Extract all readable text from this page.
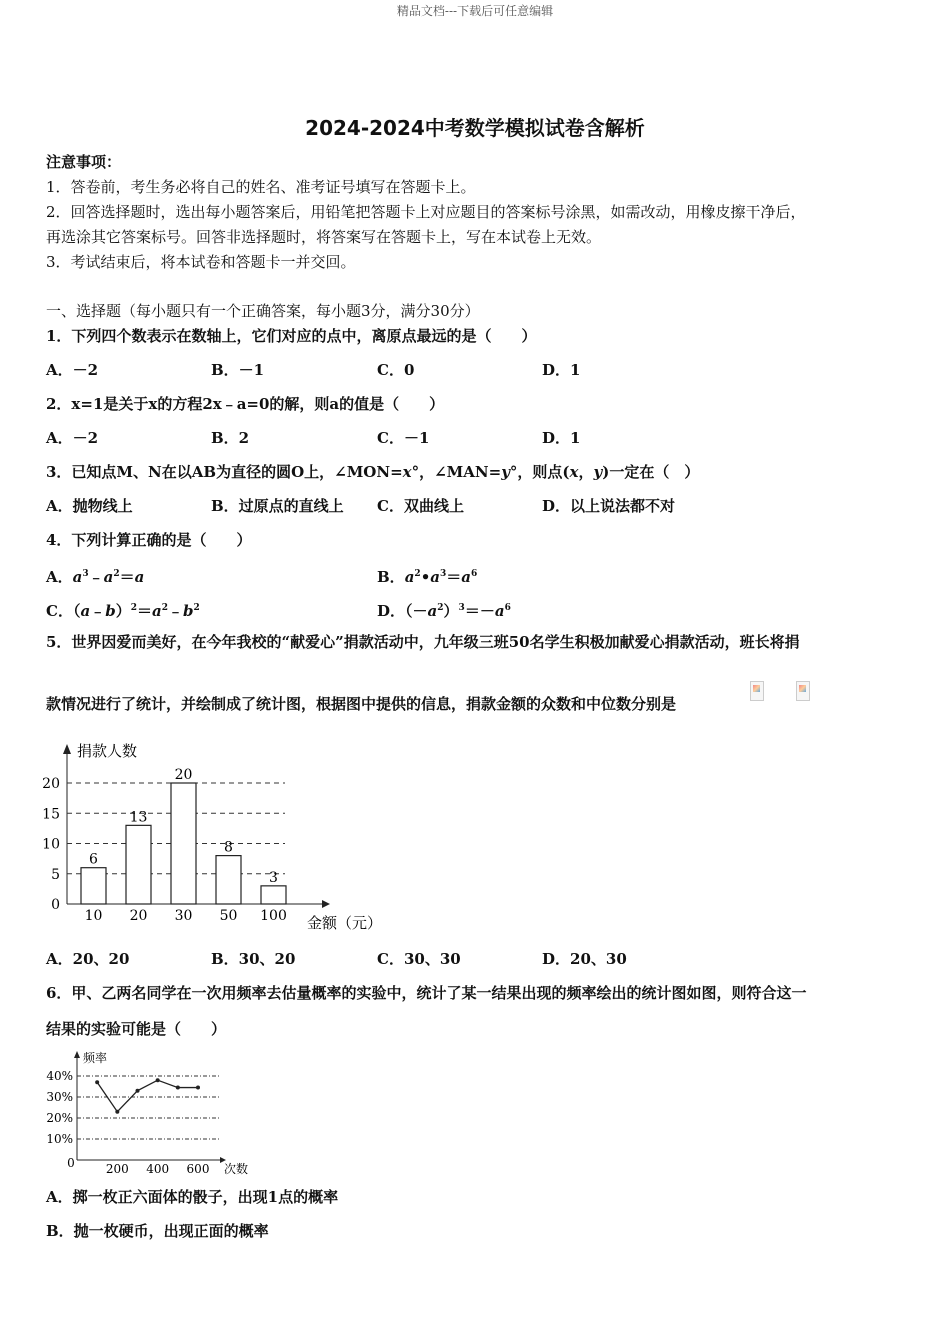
精品文档---下载后可任意编辑
2024-2024中考数学模拟试卷含解析
注意事项：
1．答卷前，考生务必将自己的姓名、准考证号填写在答题卡上。
2．回答选择题时，选出每小题答案后，用铅笔把答题卡上对应题目的答案标号涂黑，如需改动，用橡皮擦干净后，
再选涂其它答案标号。回答非选择题时，将答案写在答题卡上，写在本试卷上无效。
3．考试结束后，将本试卷和答题卡一并交回。
一、选择题（每小题只有一个正确答案，每小题3分，满分30分）
1．下列四个数表示在数轴上，它们对应的点中，离原点最远的是（　　）
A．－2	B．－1	C．0	D．1
2．x=1是关于x的方程2x﹣a=0的解，则a的值是（　　）
A．－2	B．2	C．－1	D．1
3．已知点M、N在以AB为直径的圆O上，∠MON=x°，∠MAN=y°，则点(x，y)一定在（　）
A．抛物线上	B．过原点的直线上 C．双曲线上	D．以上说法都不对
4．下列计算正确的是（　　）
A．$a^3﹣a^2=a$	B．$a^2•a^3=a^6$
C．$(a﹣b)^2=a^2﹣b^2$	D．$(-a^2)^3=-a^6$
5．世界因爱而美好，在今年我校的“献爱心”捐款活动中，九年级三班50名学生积极加献爱心捐款活动，班长将捐
款情况进行了统计，并绘制成了统计图，根据图中提供的信息，捐款金额的众数和中位数分别是
捐款人数
金额（元）
0
5
10
15
20
6
10
13
20
20
30
8
50
3
100
A．20、20	B．30、20	C．30、30	D．20、30
6．甲、乙两名同学在一次用频率去估量概率的实验中，统计了某一结果出现的频率绘出的统计图如图，则符合这一
结果的实验可能是（　　）
频率
次数
10%
20%
30%
40%
0	200 400 600
A．掷一枚正六面体的骰子，出现1点的概率
B．抛一枚硬币，出现正面的概率
